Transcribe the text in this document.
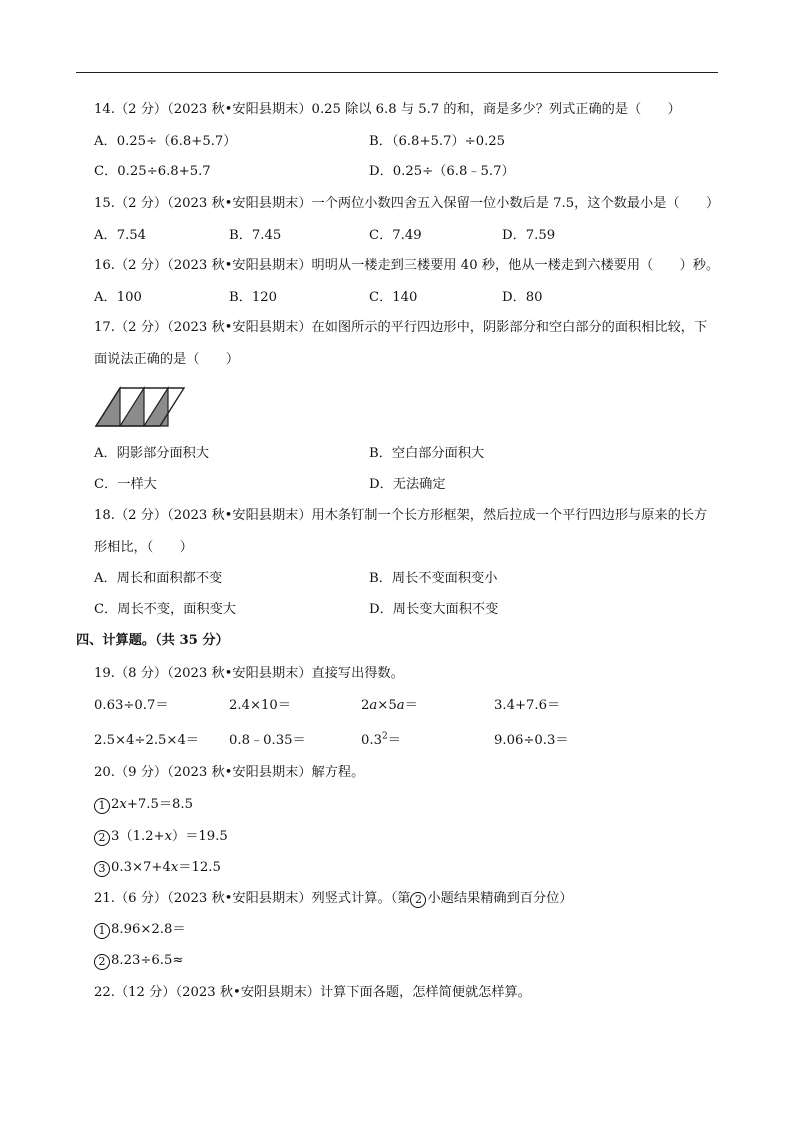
14.（2 分）（2023 秋•安阳县期末）0.25 除以 6.8 与 5.7 的和，商是多少？列式正确的是（　　）
A．0.25÷（6.8+5.7）	B．（6.8+5.7）÷0.25
C．0.25÷6.8+5.7	D．0.25÷（6.8﹣5.7）
15.（2 分）（2023 秋•安阳县期末）一个两位小数四舍五入保留一位小数后是 7.5，这个数最小是（　　）
A．7.54	B．7.45	C．7.49	D．7.59
16.（2 分）（2023 秋•安阳县期末）明明从一楼走到三楼要用 40 秒，他从一楼走到六楼要用（　　）秒。
A．100	B．120	C．140	D．80
17.（2 分）（2023 秋•安阳县期末）在如图所示的平行四边形中，阴影部分和空白部分的面积相比较，下
面说法正确的是（　　）
A．阴影部分面积大	B．空白部分面积大
C．一样大	D．无法确定
18.（2 分）（2023 秋•安阳县期末）用木条钉制一个长方形框架，然后拉成一个平行四边形与原来的长方
形相比，（　　）
A．周长和面积都不变	B．周长不变面积变小
C．周长不变，面积变大	D．周长变大面积不变
四、计算题。（共 35 分）
19.（8 分）（2023 秋•安阳县期末）直接写出得数。
0.63÷0.7＝	2.4×10＝	2a×5a＝	3.4+7.6＝
2.5×4÷2.5×4＝ 0.8﹣0.35＝	$0.3^2=$	9.06÷0.3＝
20.（9 分）（2023 秋•安阳县期末）解方程。
1 2x+7.5＝8.5
2 3（1.2+x）＝19.5
3 0.3×7+4x＝12.5
21.（6 分）（2023 秋•安阳县期末）列竖式计算。（第 2 小题结果精确到百分位）
1 8.96×2.8＝
2 8.23÷6.5≈
22.（12 分）（2023 秋•安阳县期末）计算下面各题，怎样简便就怎样算。
